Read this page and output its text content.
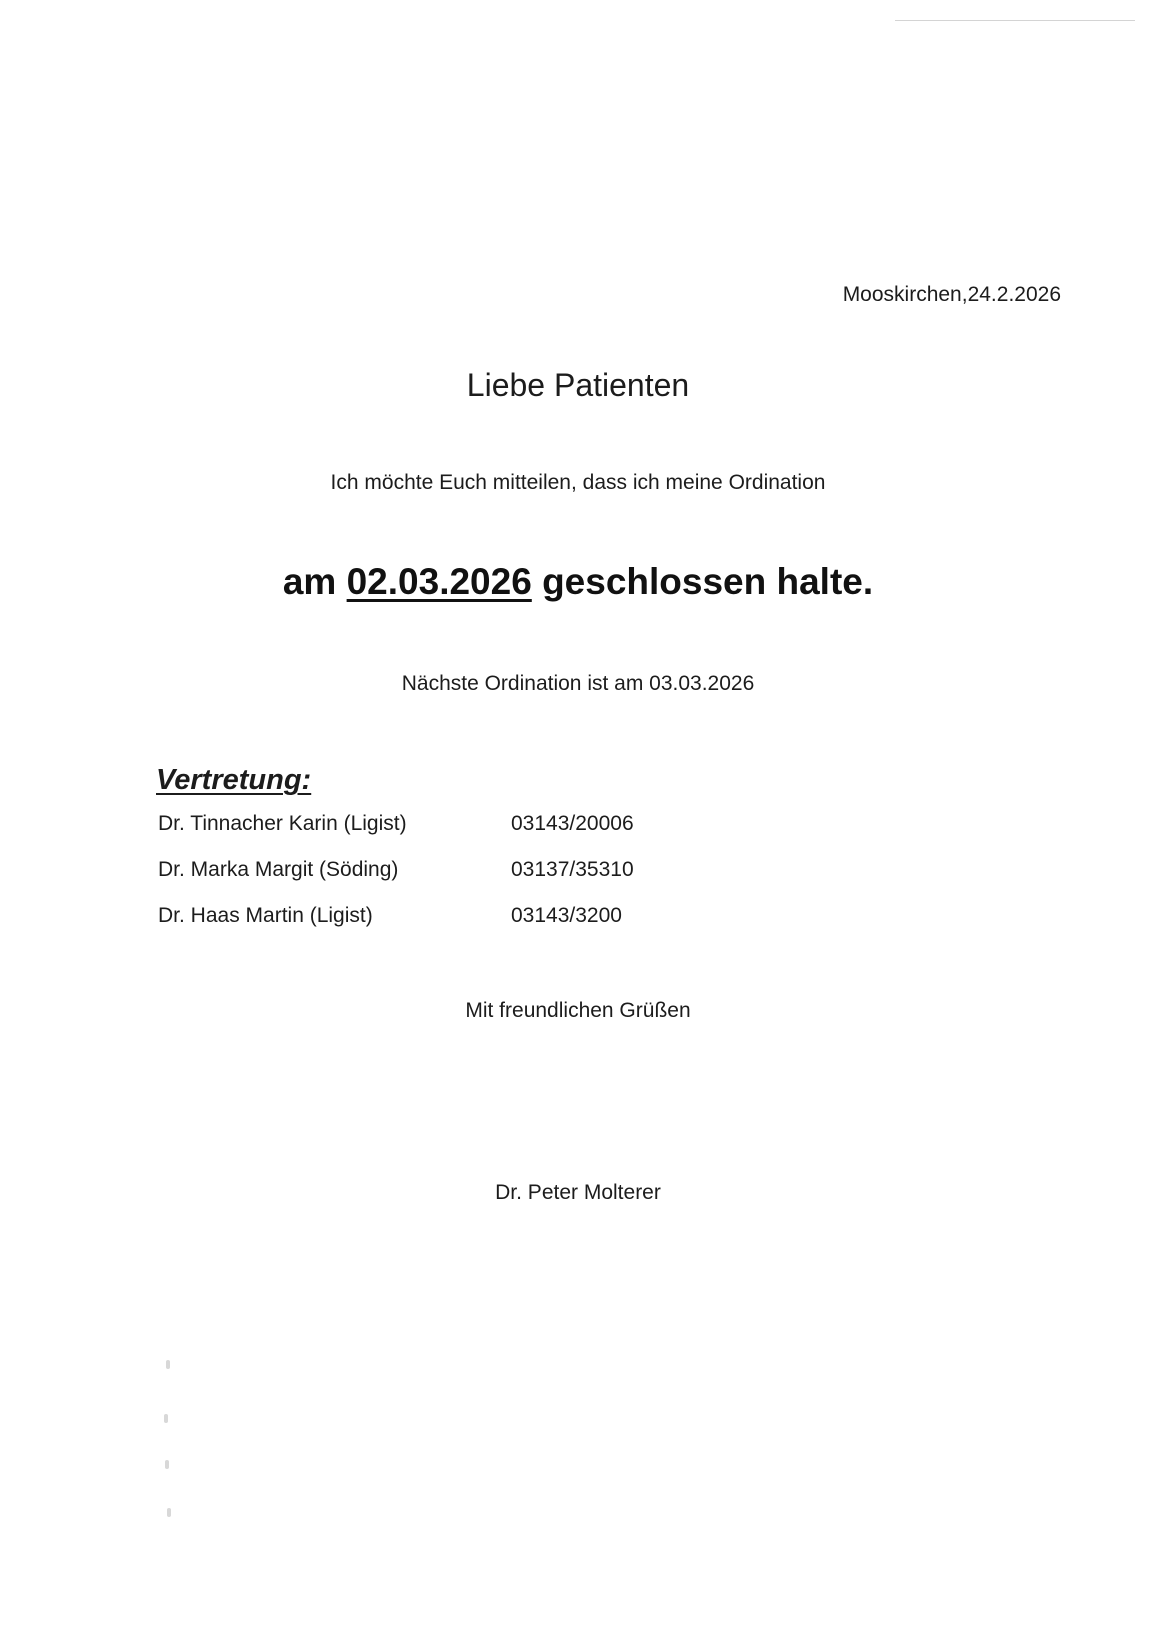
Mooskirchen,24.2.2026
Liebe Patienten
Ich möchte Euch mitteilen, dass ich meine Ordination
am 02.03.2026 geschlossen halte.
Nächste Ordination ist am 03.03.2026
Vertretung:
Dr. Tinnacher Karin (Ligist)	03143/20006
Dr. Marka Margit (Söding)	03137/35310
Dr. Haas Martin (Ligist)	03143/3200
Mit freundlichen Grüßen
Dr. Peter Molterer
